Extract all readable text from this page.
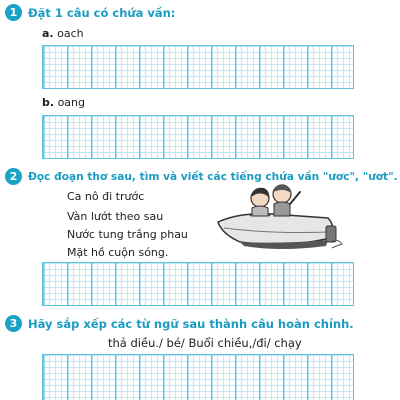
1 Đặt 1 câu có chứa vần:
a. oach
b. oang
2	Đọc đoạn thơ sau, tìm và viết các tiếng chứa vần "ươc", "ươt".
Ca nô đi trước
Vàn lướt theo sau
Nước tung trắng phau
Mặt hồ cuộn sóng.
3 Hãy sắp xếp các từ ngữ sau thành câu hoàn chỉnh.
thả diều./ bé/ Buổi chiều,/đi/ chạy
